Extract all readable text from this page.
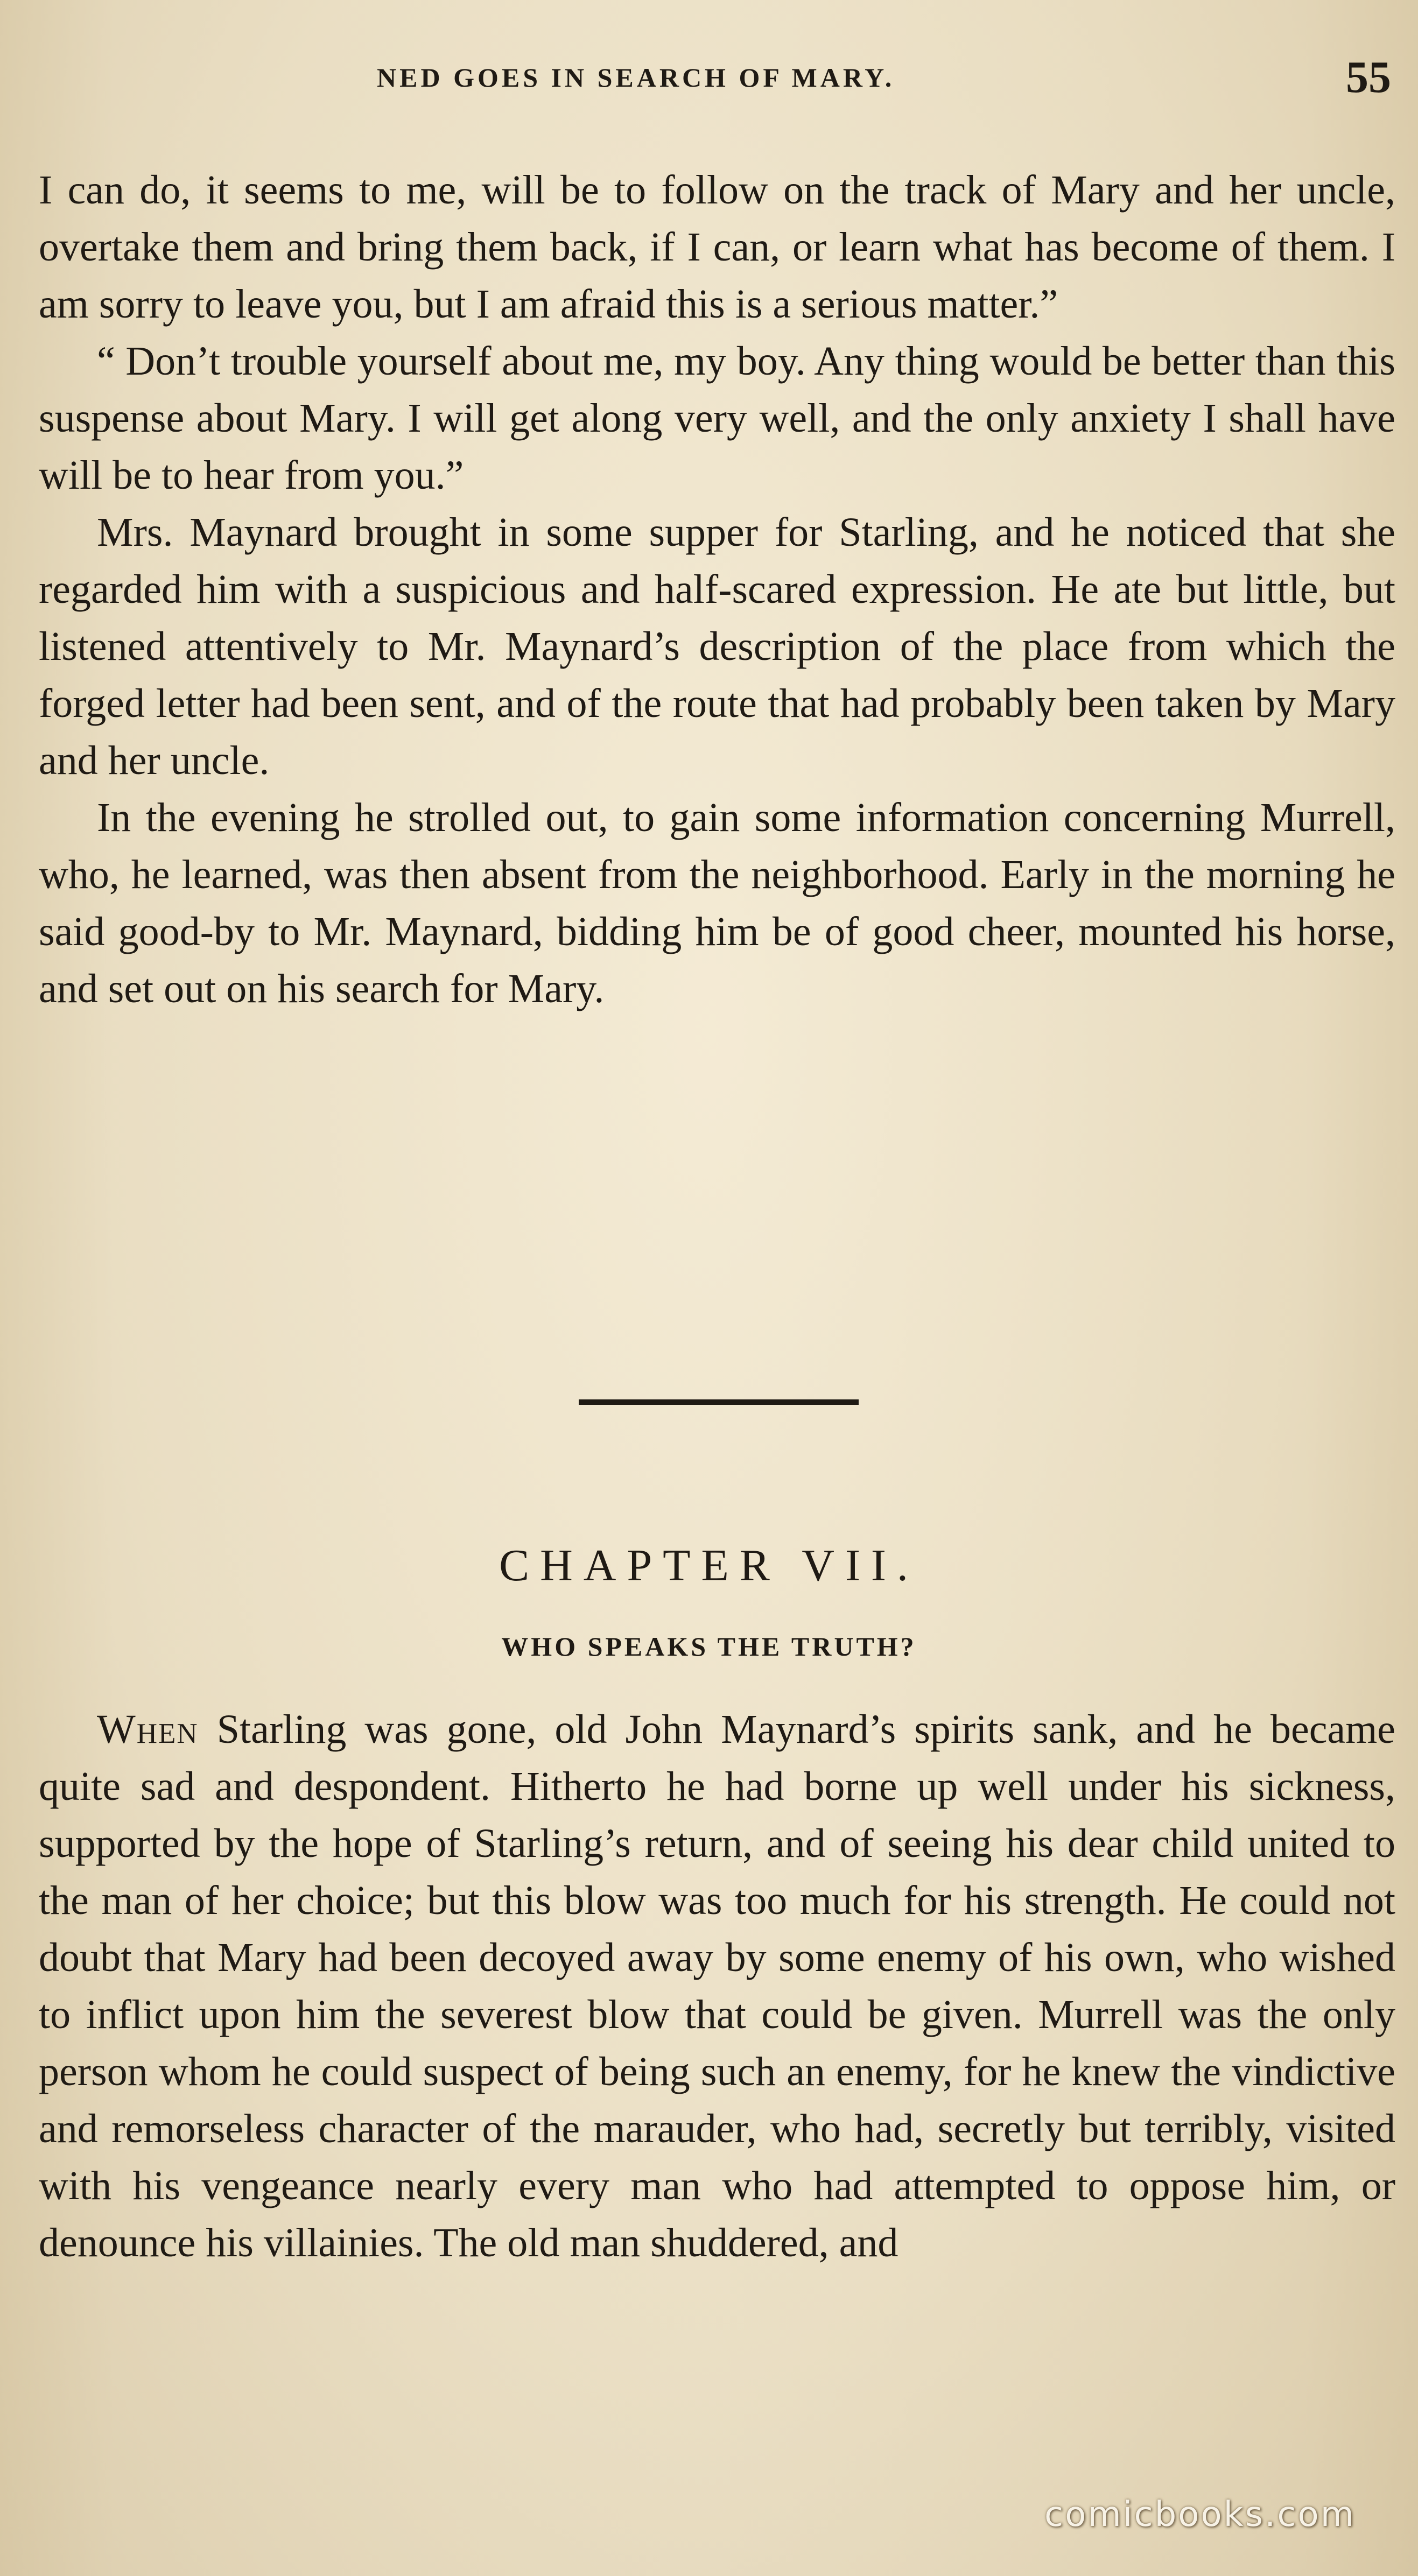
NED GOES IN SEARCH OF MARY.	55

I can do, it seems to me, will be to follow on the track of Mary and her uncle, overtake them and bring them back, if I can, or learn what has become of them. I am sorry to leave you, but I am afraid this is a serious matter.”

“ Don’t trouble yourself about me, my boy. Any thing would be better than this suspense about Mary. I will get along very well, and the only anxiety I shall have will be to hear from you.”

Mrs. Maynard brought in some supper for Starling, and he noticed that she regarded him with a suspicious and half-scared expression. He ate but little, but listened attentively to Mr. Maynard’s description of the place from which the forged letter had been sent, and of the route that had probably been taken by Mary and her uncle.

In the evening he strolled out, to gain some information concerning Murrell, who, he learned, was then absent from the neighborhood. Early in the morning he said good-by to Mr. Maynard, bidding him be of good cheer, mounted his horse, and set out on his search for Mary.

CHAPTER VII.
WHO SPEAKS THE TRUTH?

When Starling was gone, old John Maynard’s spirits sank, and he became quite sad and despondent. Hitherto he had borne up well under his sickness, supported by the hope of Starling’s return, and of seeing his dear child united to the man of her choice; but this blow was too much for his strength. He could not doubt that Mary had been decoyed away by some enemy of his own, who wished to inflict upon him the severest blow that could be given. Murrell was the only person whom he could suspect of being such an enemy, for he knew the vindictive and remorseless character of the marauder, who had, secretly but terribly, visited with his vengeance nearly every man who had attempted to oppose him, or denounce his villainies. The old man shuddered, and

comicbooks.com
